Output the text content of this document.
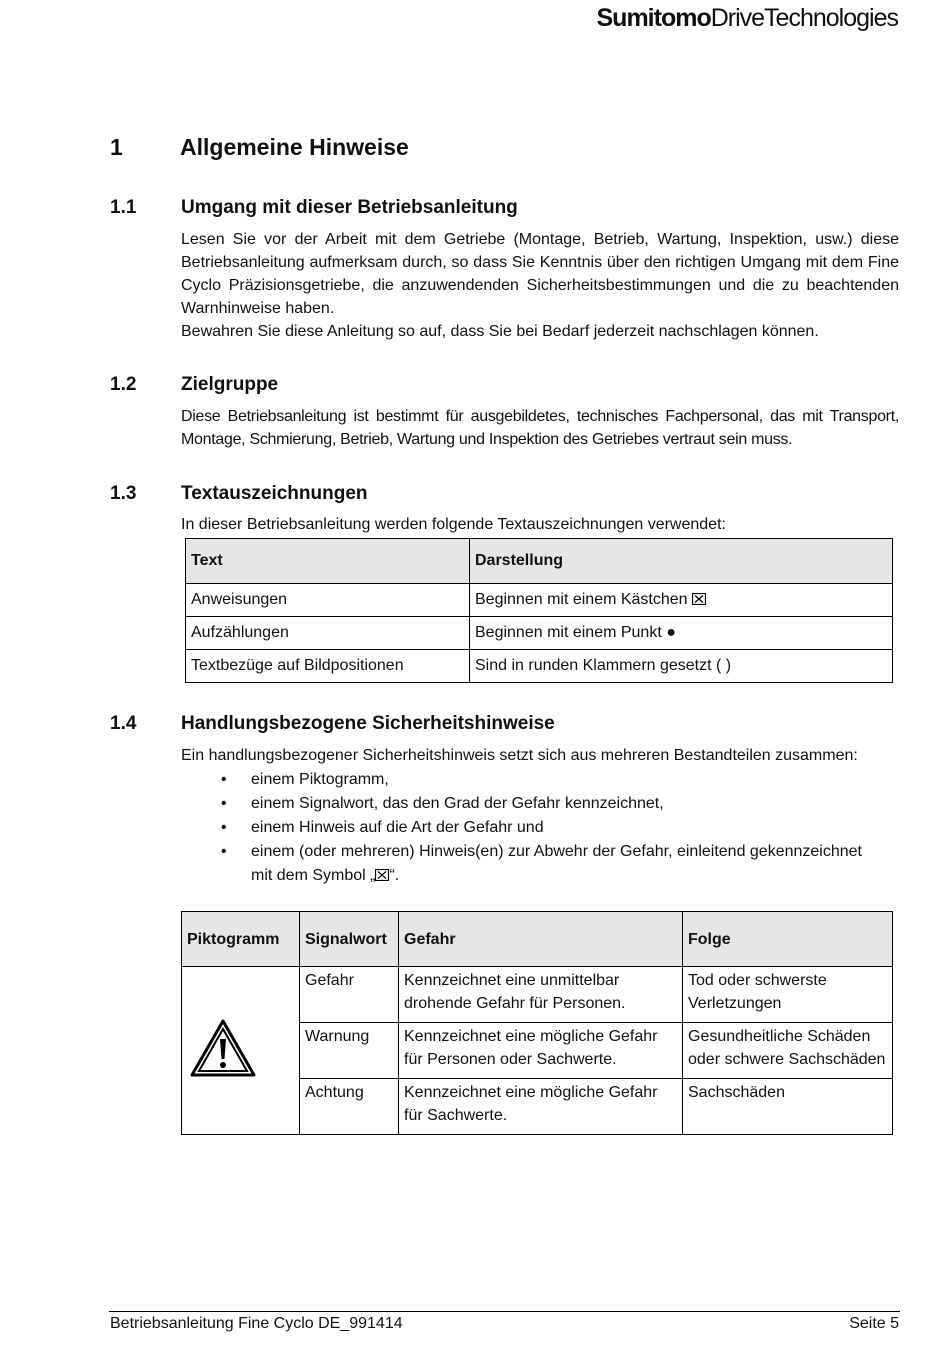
SumitomoDriveTechnologies
1 Allgemeine Hinweise
1.1 Umgang mit dieser Betriebsanleitung
Lesen Sie vor der Arbeit mit dem Getriebe (Montage, Betrieb, Wartung, Inspektion, usw.) diese Betriebsanleitung aufmerksam durch, so dass Sie Kenntnis über den richtigen Umgang mit dem Fine Cyclo Präzisionsgetriebe, die anzuwendenden Sicherheitsbestimmungen und die zu beachtenden Warnhinweise haben.
Bewahren Sie diese Anleitung so auf, dass Sie bei Bedarf jederzeit nachschlagen können.
1.2 Zielgruppe
Diese Betriebsanleitung ist bestimmt für ausgebildetes, technisches Fachpersonal, das mit Transport, Montage, Schmierung, Betrieb, Wartung und Inspektion des Getriebes vertraut sein muss.
1.3 Textauszeichnungen
In dieser Betriebsanleitung werden folgende Textauszeichnungen verwendet:
Text	Darstellung
Anweisungen	Beginnen mit einem Kästchen
Aufzählungen	Beginnen mit einem Punkt ●
Textbezüge auf Bildpositionen	Sind in runden Klammern gesetzt ( )
1.4 Handlungsbezogene Sicherheitshinweise
Ein handlungsbezogener Sicherheitshinweis setzt sich aus mehreren Bestandteilen zusammen:
• einem Piktogramm,
• einem Signalwort, das den Grad der Gefahr kennzeichnet,
• einem Hinweis auf die Art der Gefahr und
• einem (oder mehreren) Hinweis(en) zur Abwehr der Gefahr, einleitend gekennzeichnet
mit dem Symbol „☒“.
Piktogramm	Signalwort	Gefahr	Folge
	Gefahr	Kennzeichnet eine unmittelbar drohende Gefahr für Personen.	Tod oder schwerste Verletzungen
	Warnung	Kennzeichnet eine mögliche Gefahr für Personen oder Sachwerte.	Gesundheitliche Schäden oder schwere Sachschäden
	Achtung	Kennzeichnet eine mögliche Gefahr für Sachwerte.	Sachschäden
Betriebsanleitung Fine Cyclo DE_991414	Seite 5
